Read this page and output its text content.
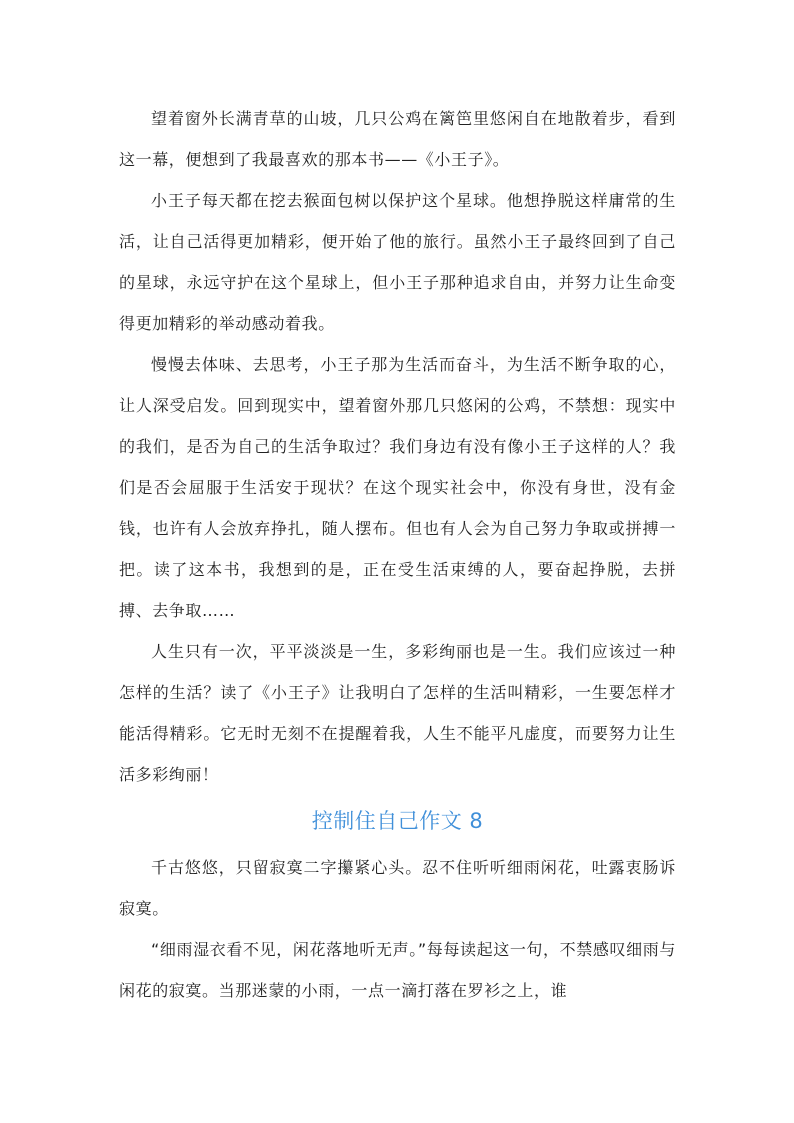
望着窗外长满青草的山坡，几只公鸡在篱笆里悠闲自在地散着步，看到这一幕，便想到了我最喜欢的那本书——《小王子》。

小王子每天都在挖去猴面包树以保护这个星球。他想挣脱这样庸常的生活，让自己活得更加精彩，便开始了他的旅行。虽然小王子最终回到了自己的星球，永远守护在这个星球上，但小王子那种追求自由，并努力让生命变得更加精彩的举动感动着我。

慢慢去体味、去思考，小王子那为生活而奋斗，为生活不断争取的心，让人深受启发。回到现实中，望着窗外那几只悠闲的公鸡，不禁想：现实中的我们，是否为自己的生活争取过？我们身边有没有像小王子这样的人？我们是否会屈服于生活安于现状？在这个现实社会中，你没有身世，没有金钱，也许有人会放弃挣扎，随人摆布。但也有人会为自己努力争取或拼搏一把。读了这本书，我想到的是，正在受生活束缚的人，要奋起挣脱，去拼搏、去争取……

人生只有一次，平平淡淡是一生，多彩绚丽也是一生。我们应该过一种怎样的生活？读了《小王子》让我明白了怎样的生活叫精彩，一生要怎样才能活得精彩。它无时无刻不在提醒着我，人生不能平凡虚度，而要努力让生活多彩绚丽！

控制住自己作文 8

千古悠悠，只留寂寞二字攥紧心头。忍不住听听细雨闲花，吐露衷肠诉寂寞。

“细雨湿衣看不见，闲花落地听无声。”每每读起这一句，不禁感叹细雨与闲花的寂寞。当那迷蒙的小雨，一点一滴打落在罗衫之上，谁
